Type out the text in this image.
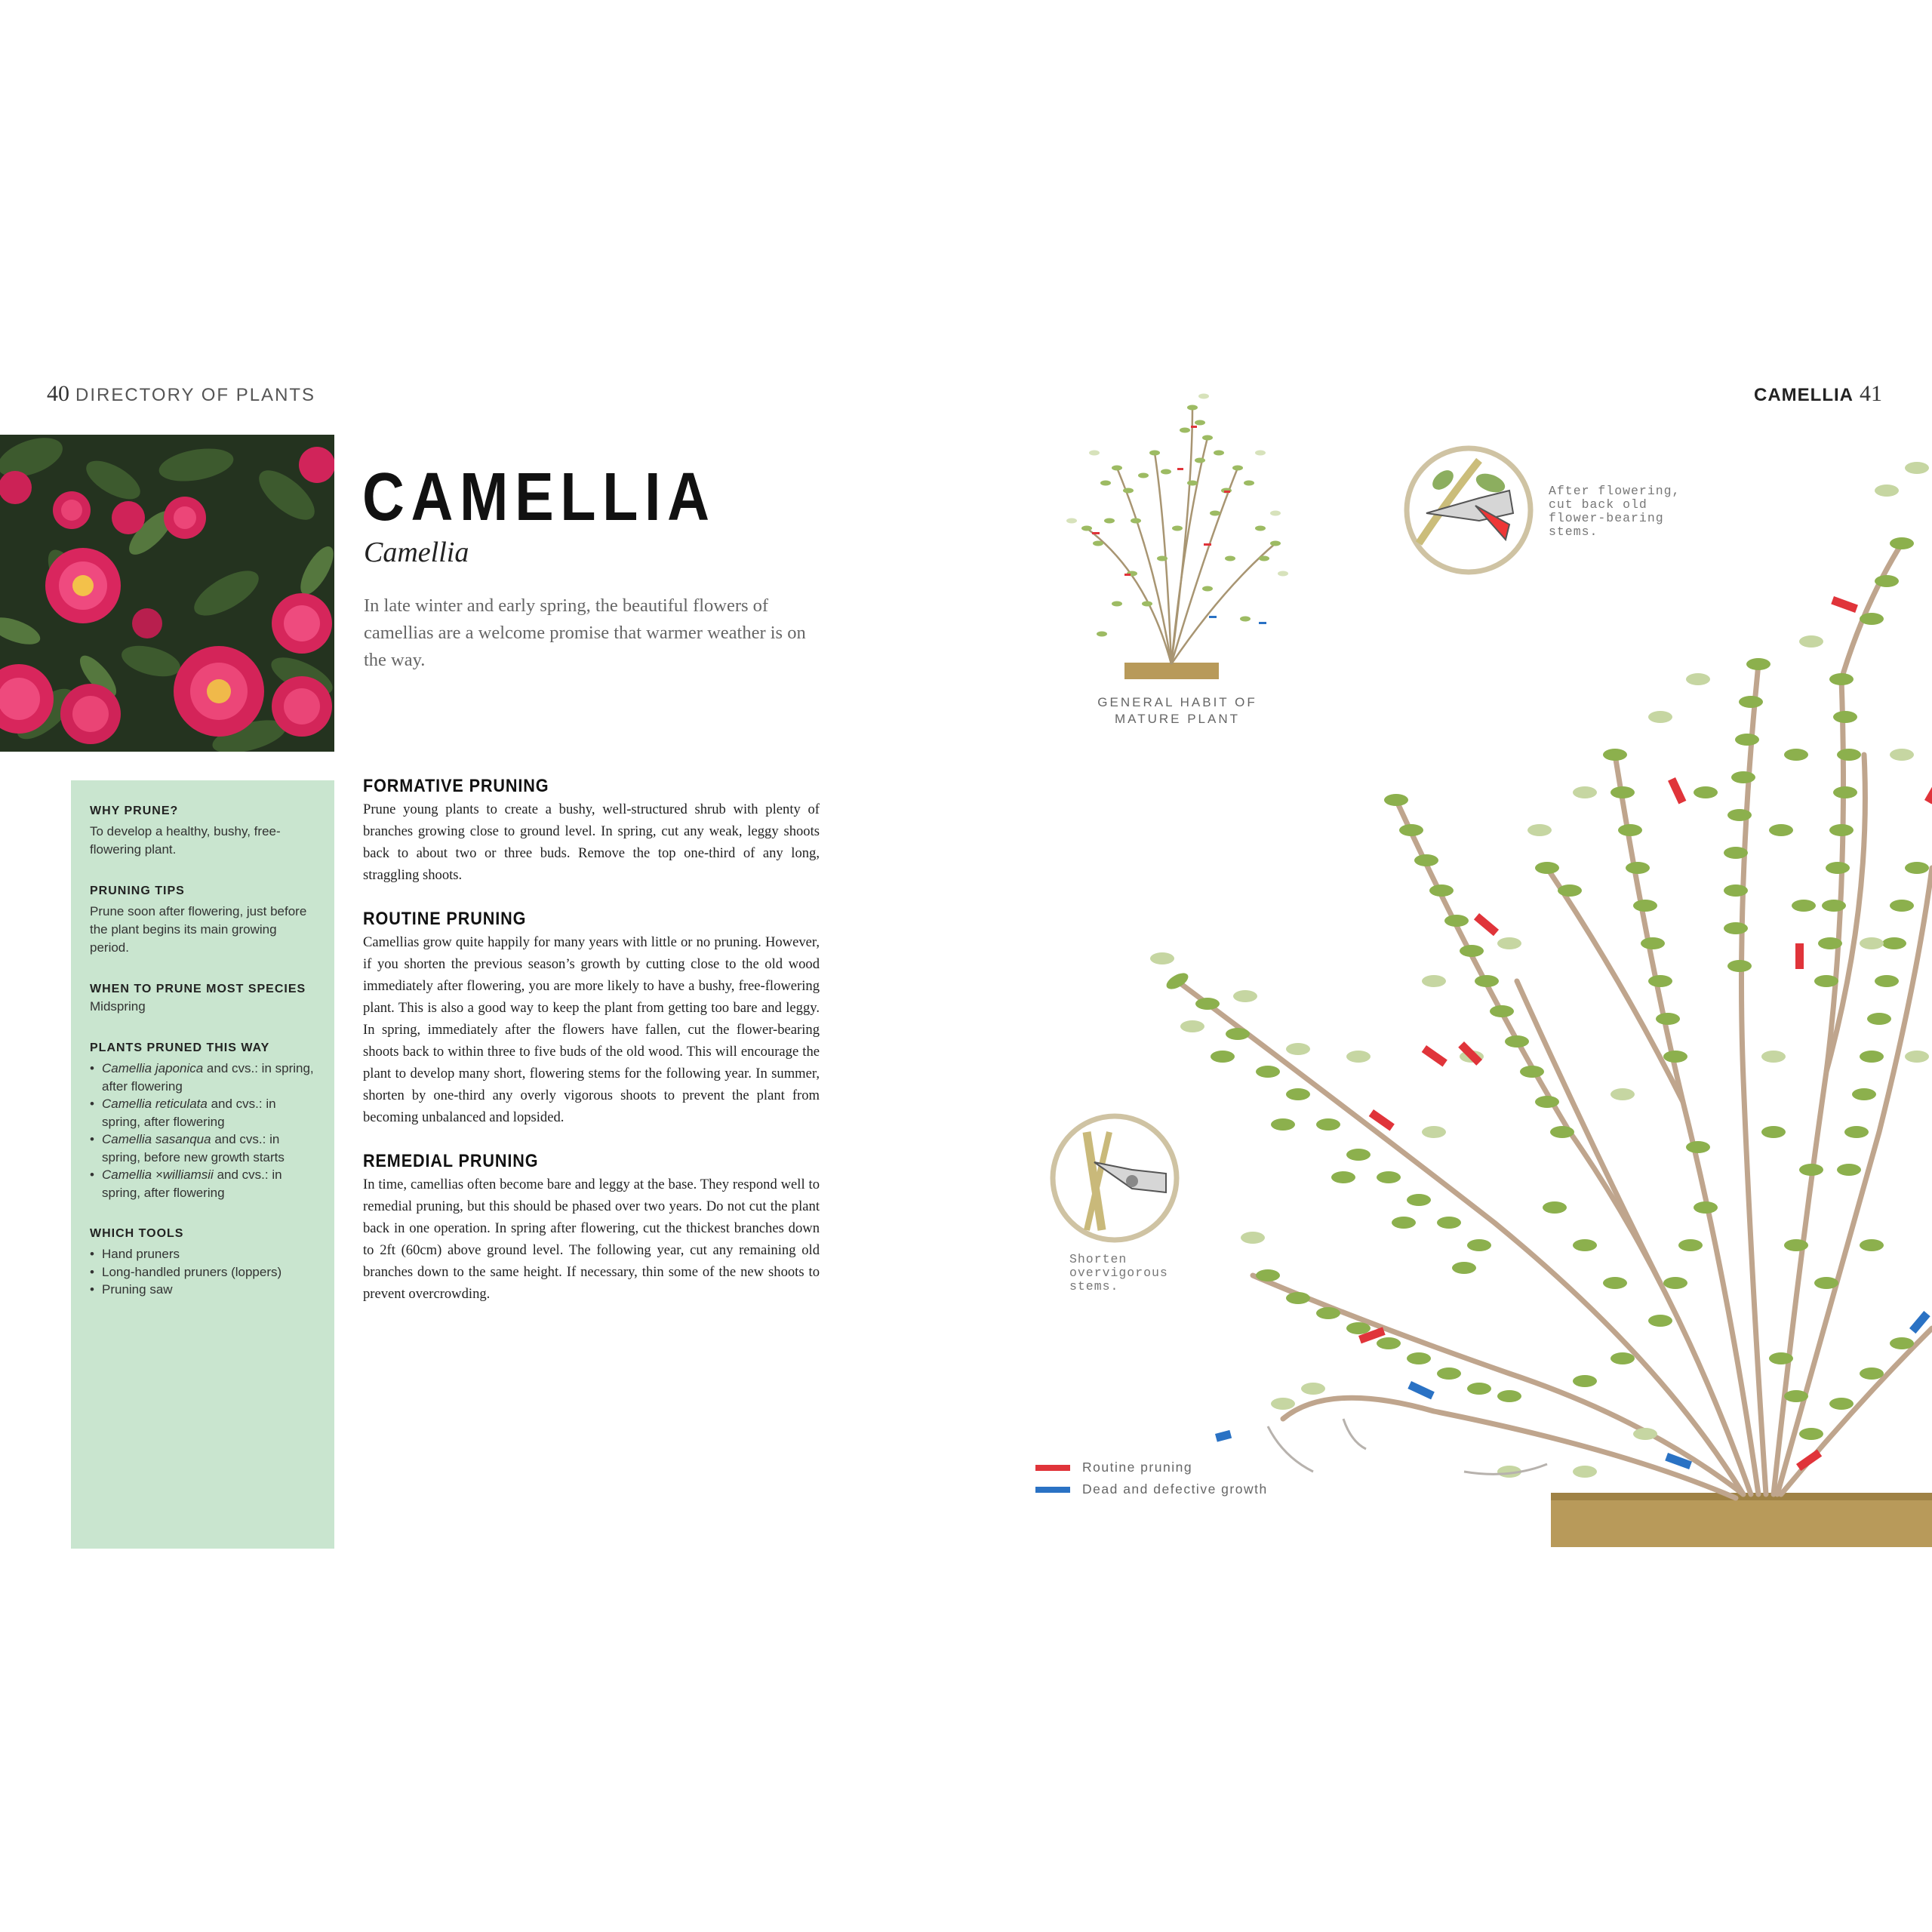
40 DIRECTORY OF PLANTS	CAMELLIA 41
CAMELLIA
Camellia
In late winter and early spring, the beautiful flowers of camellias are a welcome promise that warmer weather is on the way.

WHY PRUNE?

To develop a healthy, bushy, free-flowering plant.

PRUNING TIPS

Prune soon after flowering, just before the plant begins its main growing period.

WHEN TO PRUNE MOST SPECIES

Midspring

PLANTS PRUNED THIS WAY

• Camellia japonica and cvs.: in spring, after flowering
• Camellia reticulata and cvs.: in spring, after flowering
• Camellia sasanqua and cvs.: in spring, before new growth starts
• Camellia ×williamsii and cvs.: in spring, after flowering

WHICH TOOLS

• Hand pruners
• Long-handled pruners (loppers)
• Pruning saw

FORMATIVE PRUNING

Prune young plants to create a bushy, well-structured shrub with plenty of branches growing close to ground level. In spring, cut any weak, leggy shoots back to about two or three buds. Remove the top one-third of any long, straggling shoots.

ROUTINE PRUNING

Camellias grow quite happily for many years with little or no pruning. However, if you shorten the previous season’s growth by cutting close to the old wood immediately after flowering, you are more likely to have a bushy, free-flowering plant. This is also a good way to keep the plant from getting too bare and leggy. In spring, immediately after the flowers have fallen, cut the flower-bearing shoots back to within three to five buds of the old wood. This will encourage the plant to develop many short, flowering stems for the following year. In summer, shorten by one-third any overly vigorous shoots to prevent the plant from becoming unbalanced and lopsided.

REMEDIAL PRUNING

In time, camellias often become bare and leggy at the base. They respond well to remedial pruning, but this should be phased over two years. Do not cut the plant back in one operation. In spring after flowering, cut the thickest branches down to 2ft (60cm) above ground level. The following year, cut any remaining old branches down to the same height. If necessary, thin some of the new shoots to prevent overcrowding.

GENERAL HABIT OF MATURE PLANT
After flowering, cut back old flower-bearing stems.
Shorten overvigorous stems.
Routine pruning
Dead and defective growth
